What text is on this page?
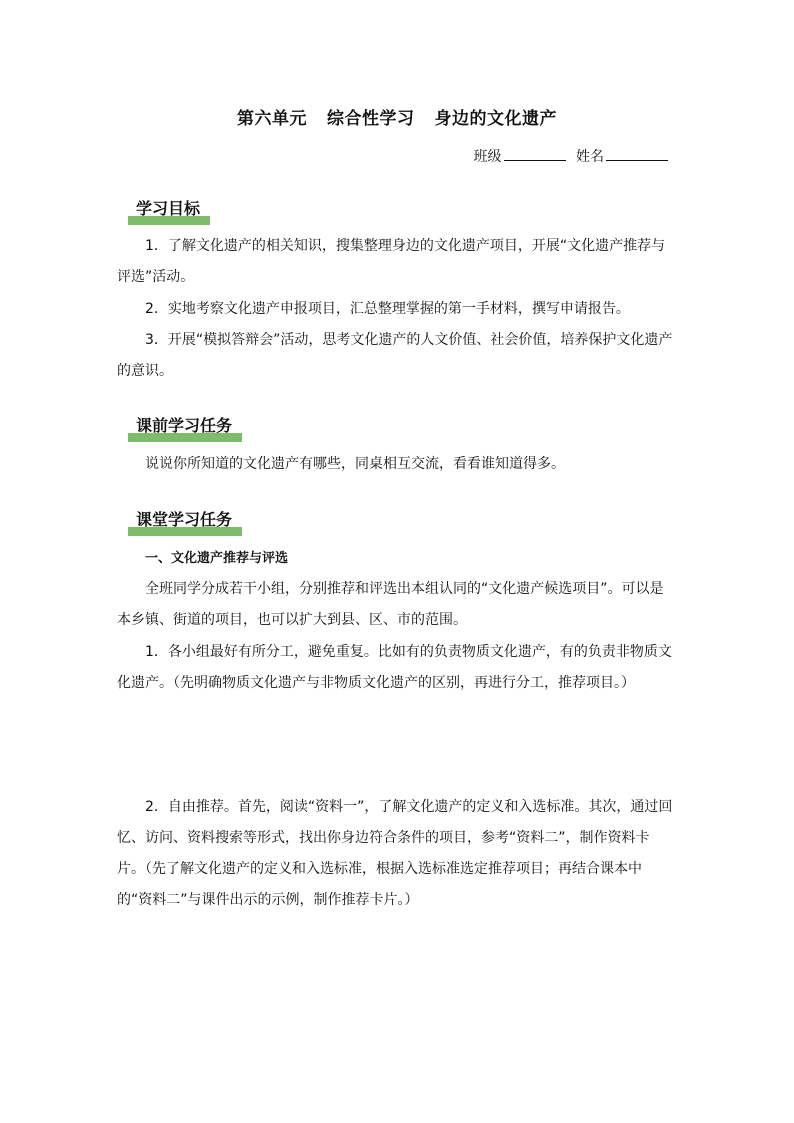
第六单元 综合性学习 身边的文化遗产
班级	姓名
学习目标
1．了解文化遗产的相关知识，搜集整理身边的文化遗产项目，开展“文化遗产推荐与评选”活动。
2．实地考察文化遗产申报项目，汇总整理掌握的第一手材料，撰写申请报告。
3．开展“模拟答辩会”活动，思考文化遗产的人文价值、社会价值，培养保护文化遗产的意识。
课前学习任务
说说你所知道的文化遗产有哪些，同桌相互交流，看看谁知道得多。
课堂学习任务
一、文化遗产推荐与评选
全班同学分成若干小组，分别推荐和评选出本组认同的“文化遗产候选项目”。可以是本乡镇、街道的项目，也可以扩大到县、区、市的范围。
1．各小组最好有所分工，避免重复。比如有的负责物质文化遗产，有的负责非物质文化遗产。（先明确物质文化遗产与非物质文化遗产的区别，再进行分工，推荐项目。）
2．自由推荐。首先，阅读“资料一”，了解文化遗产的定义和入选标准。其次，通过回忆、访问、资料搜索等形式，找出你身边符合条件的项目，参考“资料二”，制作资料卡片。（先了解文化遗产的定义和入选标准，根据入选标准选定推荐项目；再结合课本中的“资料二”与课件出示的示例，制作推荐卡片。）
